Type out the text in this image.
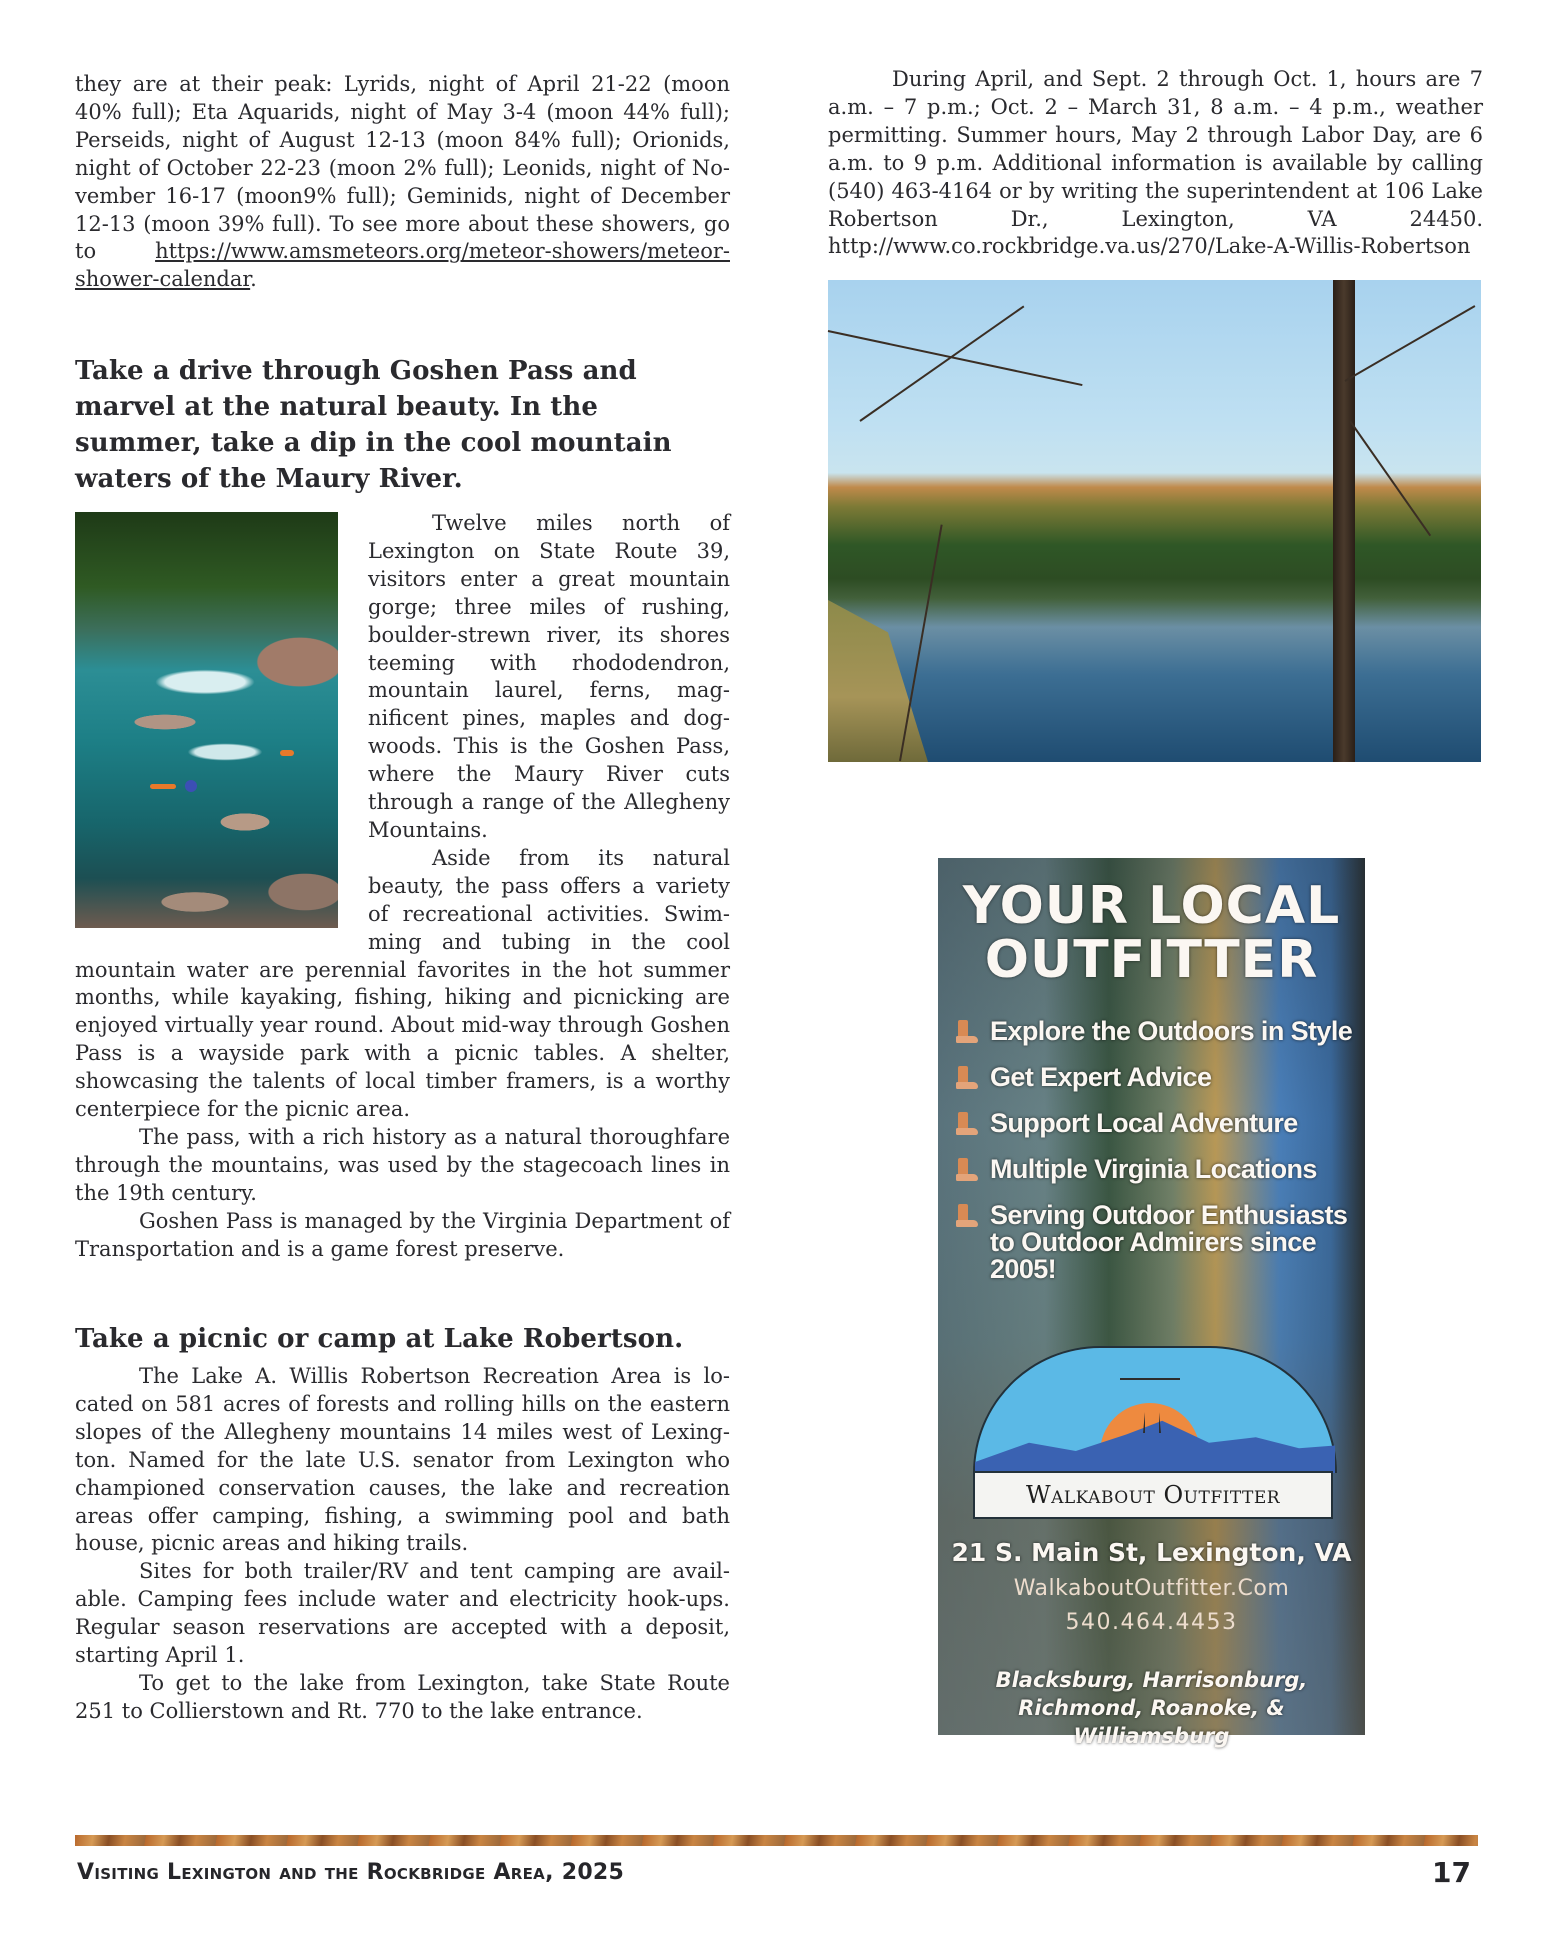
they are at their peak: Lyrids, night of April 21-22 (moon 40% full); Eta Aquarids, night of May 3-4 (moon 44% full); Perseids, night of August 12-13 (moon 84% full); Orionids, night of October 22-23 (moon 2% full); Leonids, night of November 16-17 (moon9% full); Geminids, night of December 12-13 (moon 39% full). To see more about these showers, go to https://www.amsmeteors.org/meteor-showers/meteor-shower-calendar.

Take a drive through Goshen Pass and marvel at the natural beauty. In the summer, take a dip in the cool mountain waters of the Maury River.

Twelve miles north of Lexington on State Route 39, visitors enter a great mountain gorge; three miles of rushing, boulder-strewn river, its shores teeming with rhododendron, mountain laurel, ferns, magnificent pines, maples and dogwoods. This is the Goshen Pass, where the Maury River cuts through a range of the Allegheny Mountains.

Aside from its natural beauty, the pass offers a variety of recreational activities. Swimming and tubing in the cool mountain water are perennial favorites in the hot summer months, while kayaking, fishing, hiking and picnicking are enjoyed virtually year round. About mid-way through Goshen Pass is a wayside park with a picnic tables. A shelter, showcasing the talents of local timber framers, is a worthy centerpiece for the picnic area.

The pass, with a rich history as a natural thoroughfare through the mountains, was used by the stagecoach lines in the 19th century.

Goshen Pass is managed by the Virginia Department of Transportation and is a game forest preserve.

Take a picnic or camp at Lake Robertson.

The Lake A. Willis Robertson Recreation Area is located on 581 acres of forests and rolling hills on the eastern slopes of the Allegheny mountains 14 miles west of Lexington. Named for the late U.S. senator from Lexington who championed conservation causes, the lake and recreation areas offer camping, fishing, a swimming pool and bath house, picnic areas and hiking trails.

Sites for both trailer/RV and tent camping are available. Camping fees include water and electricity hook-ups. Regular season reservations are accepted with a deposit, starting April 1.

To get to the lake from Lexington, take State Route 251 to Collierstown and Rt. 770 to the lake entrance.

During April, and Sept. 2 through Oct. 1, hours are 7 a.m. – 7 p.m.; Oct. 2 – March 31, 8 a.m. – 4 p.m., weather permitting. Summer hours, May 2 through Labor Day, are 6 a.m. to 9 p.m. Additional information is available by calling (540) 463-4164 or by writing the superintendent at 106 Lake Robertson Dr., Lexington, VA 24450. http://www.co.rockbridge.va.us/270/Lake-A-Willis-Robertson

YOUR LOCAL
OUTFITTER
Explore the Outdoors in Style
Get Expert Advice
Support Local Adventure
Multiple Virginia Locations
Serving Outdoor Enthusiasts to Outdoor Admirers since 2005!
Walkabout Outfitter
21 S. Main St, Lexington, VA
WalkaboutOutfitter.Com
540.464.4453
Blacksburg, Harrisonburg,
Richmond, Roanoke, &
Williamsburg
Visiting Lexington and the Rockbridge Area, 2025	17
